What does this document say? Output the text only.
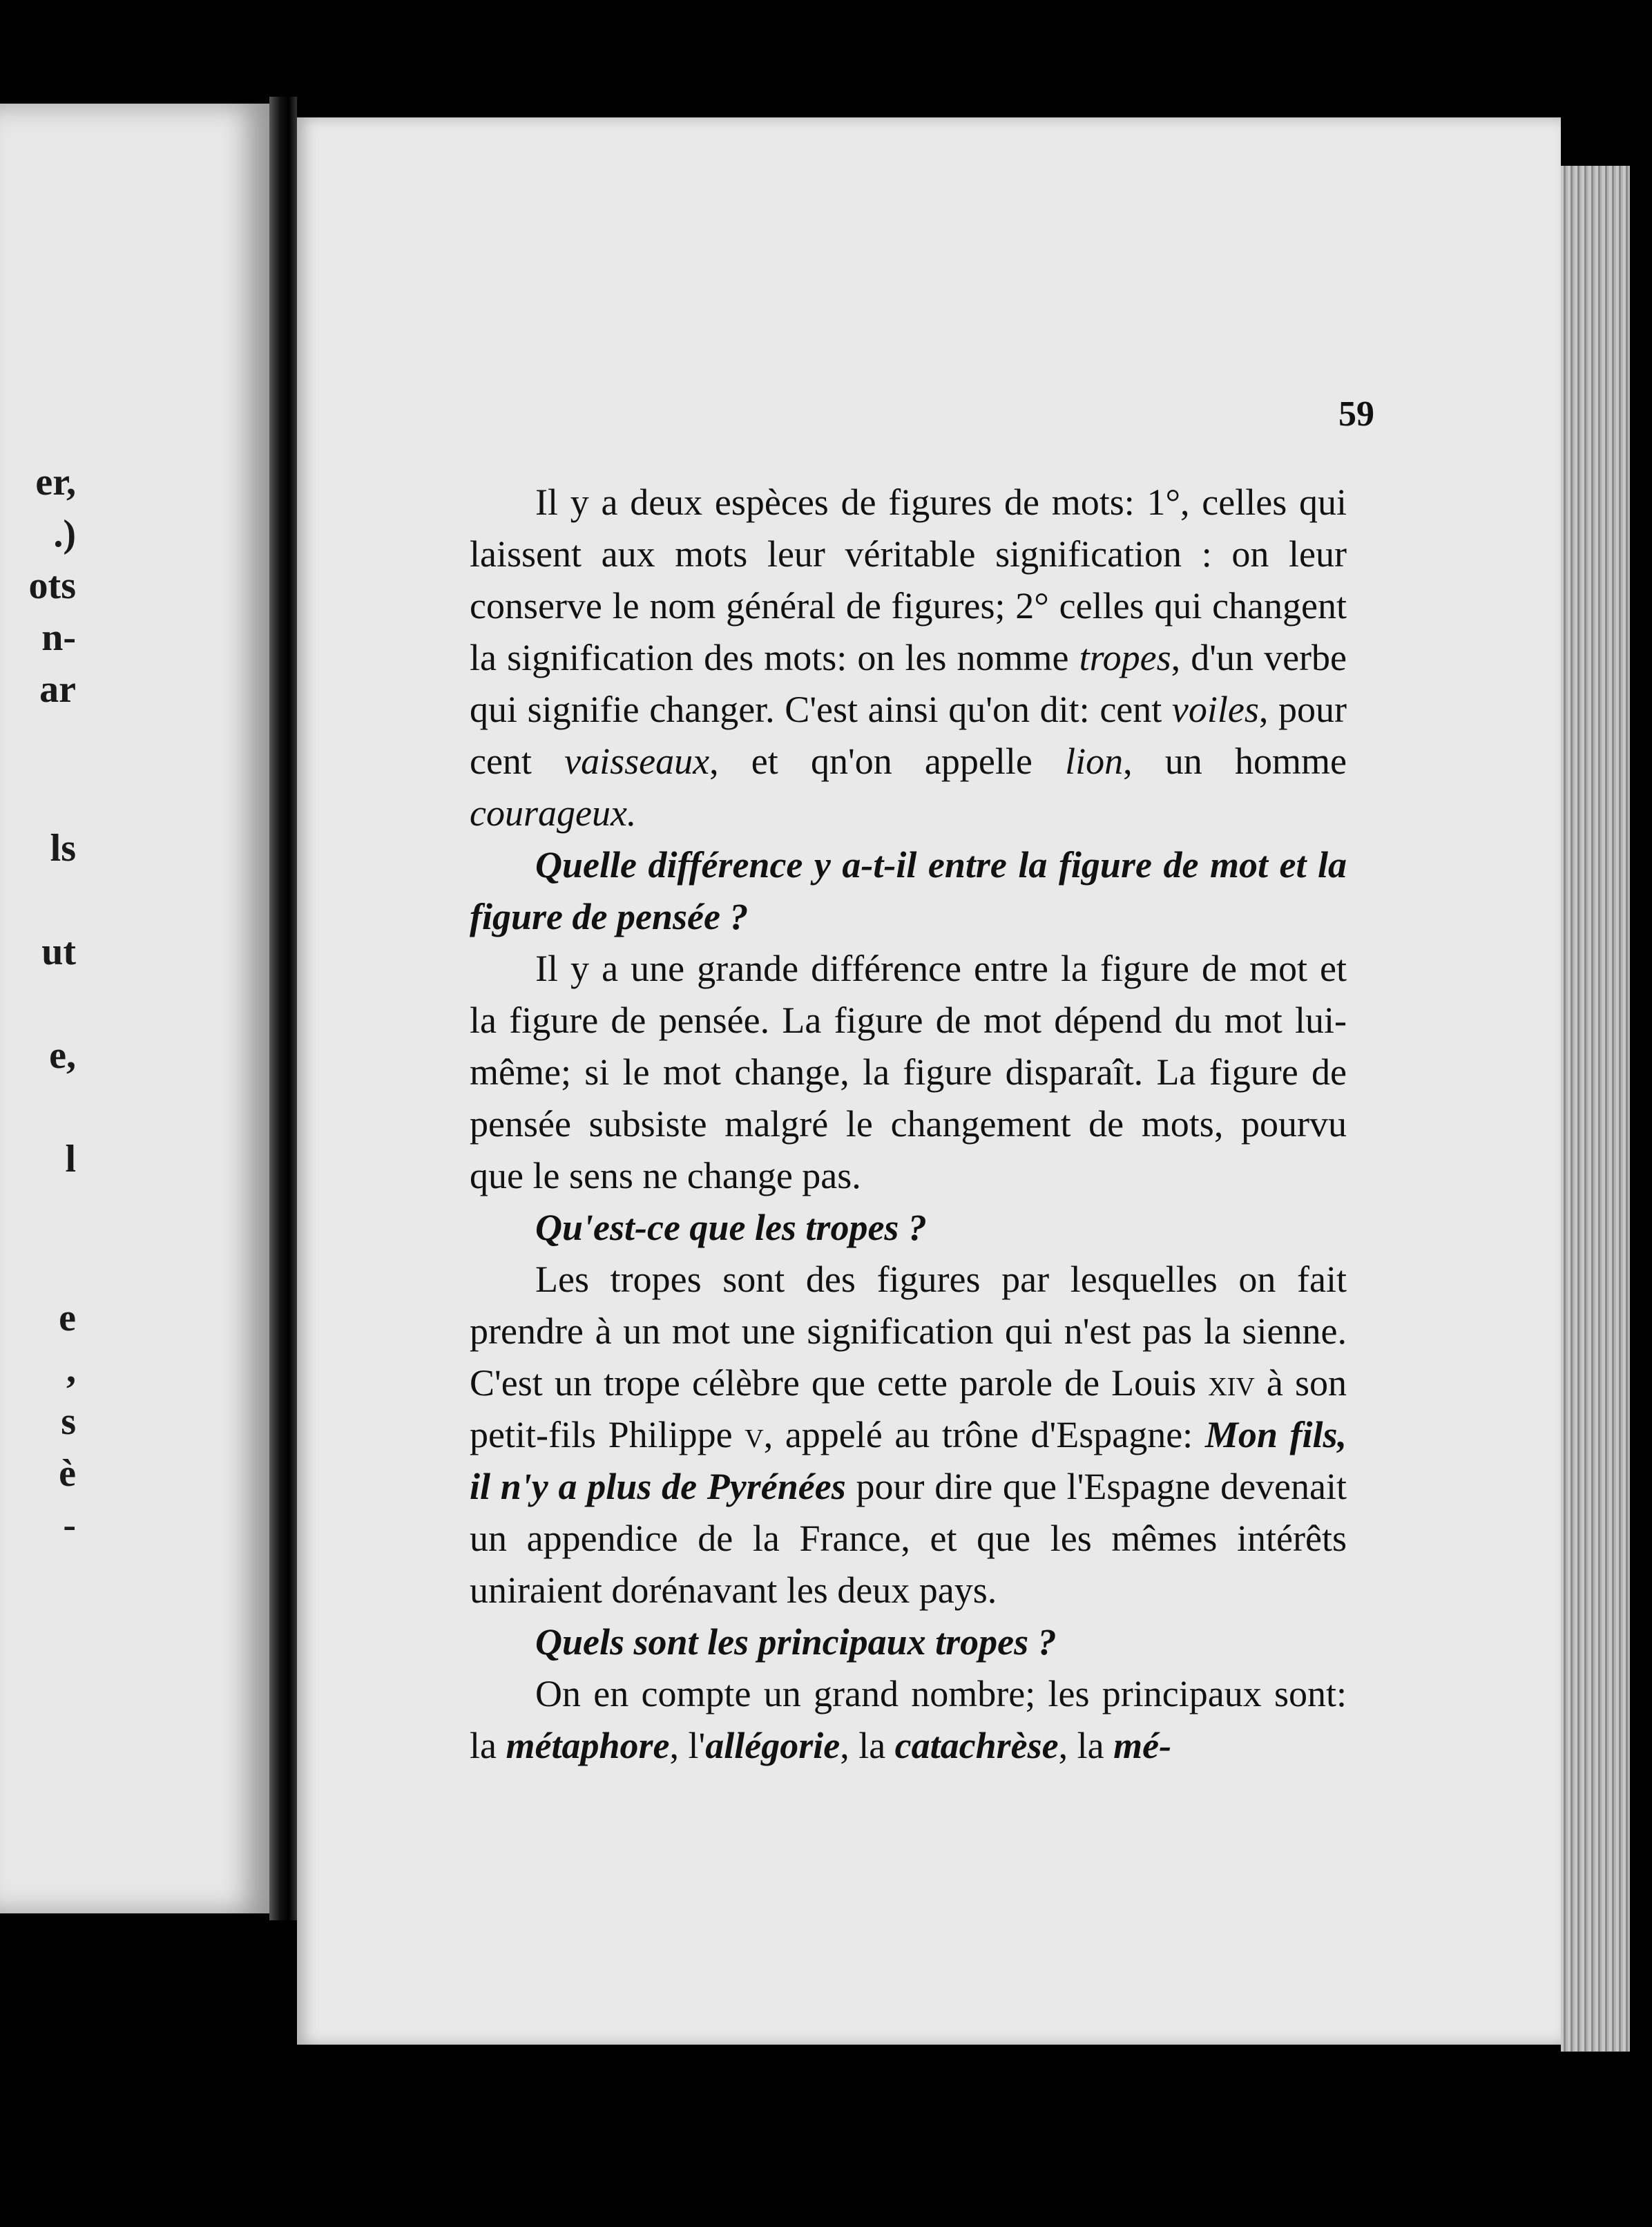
er,
.)
ots
n-
ar
ls
ut
e,
l
e
,
s
è
-
59

Il y a deux espèces de figures de mots: 1°, celles qui laissent aux mots leur véritable signification : on leur conserve le nom général de figures; 2° celles qui changent la signification des mots: on les nomme tropes, d'un verbe qui signifie changer. C'est ainsi qu'on dit: cent voiles, pour cent vaisseaux, et qn'on appelle lion, un homme courageux.

Quelle différence y a-t-il entre la figure de mot et la figure de pensée ?

Il y a une grande différence entre la figure de mot et la figure de pensée. La figure de mot dépend du mot lui-même; si le mot change, la figure disparaît. La figure de pensée subsiste malgré le changement de mots, pourvu que le sens ne change pas.

Qu'est-ce que les tropes ?

Les tropes sont des figures par lesquelles on fait prendre à un mot une signification qui n'est pas la sienne. C'est un trope célèbre que cette parole de Louis xiv à son petit-fils Philippe v, appelé au trône d'Espagne: Mon fils, il n'y a plus de Pyrénées pour dire que l'Espagne devenait un appendice de la France, et que les mêmes intérêts uniraient dorénavant les deux pays.

Quels sont les principaux tropes ?

On en compte un grand nombre; les principaux sont: la métaphore, l'allégorie, la catachrèse, la mé-
